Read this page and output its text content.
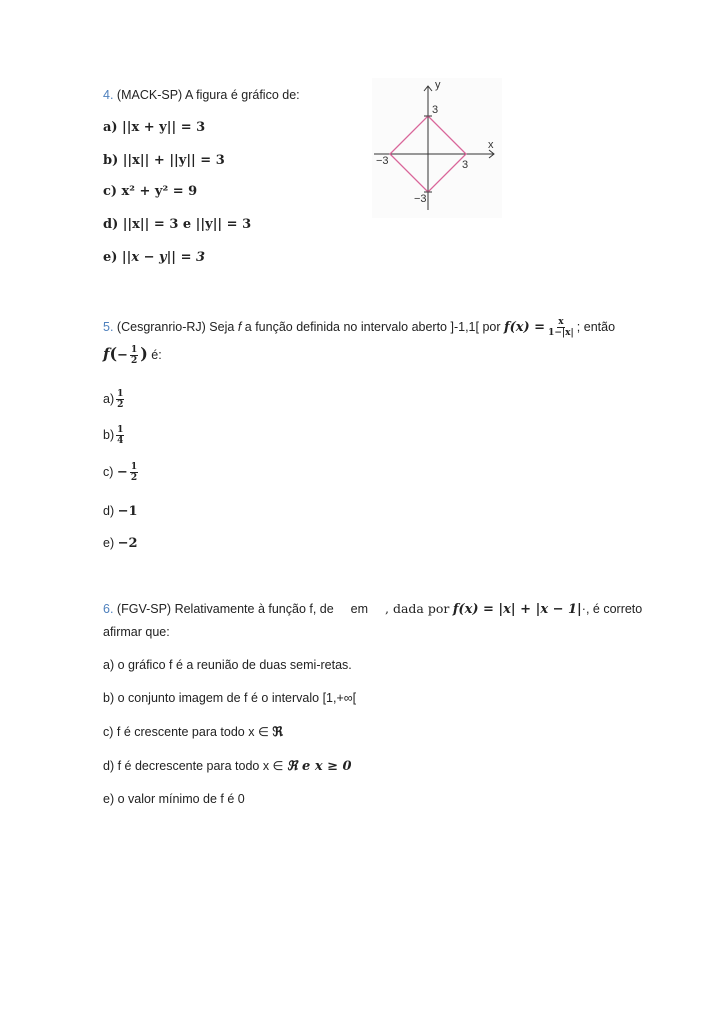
4. (MACK-SP) A figura é gráfico de:
a) ||x + y|| = 3
b) ||x|| + ||y|| = 3
c) x² + y² = 9
d) ||x|| = 3 e ||y|| = 3
e) ||x − y|| = 3
y
x
3
−3	3
−3
5. (Cesgranrio-RJ) Seja f a função definida no intervalo aberto ]-1,1[ por $f(x) = \frac{x}{1-|x|}$ ; então
$f(- \frac{1}{2}$ ) é:
$a) \frac{1}{2}$
$b) \frac{1}{4}$
$c) - \frac{1}{2}$
d) −1
e) −2
6. (FGV-SP) Relativamente à função f, de em , dada por f(x) = |x| + |x − 1|·, é correto
afirmar que:
a) o gráfico f é a reunião de duas semi-retas.
b) o conjunto imagem de f é o intervalo [1,+∞[
c) f é crescente para todo x ∈ ℜ
d) f é decrescente para todo x ∈ ℜ e x ≥ 0
e) o valor mínimo de f é 0
